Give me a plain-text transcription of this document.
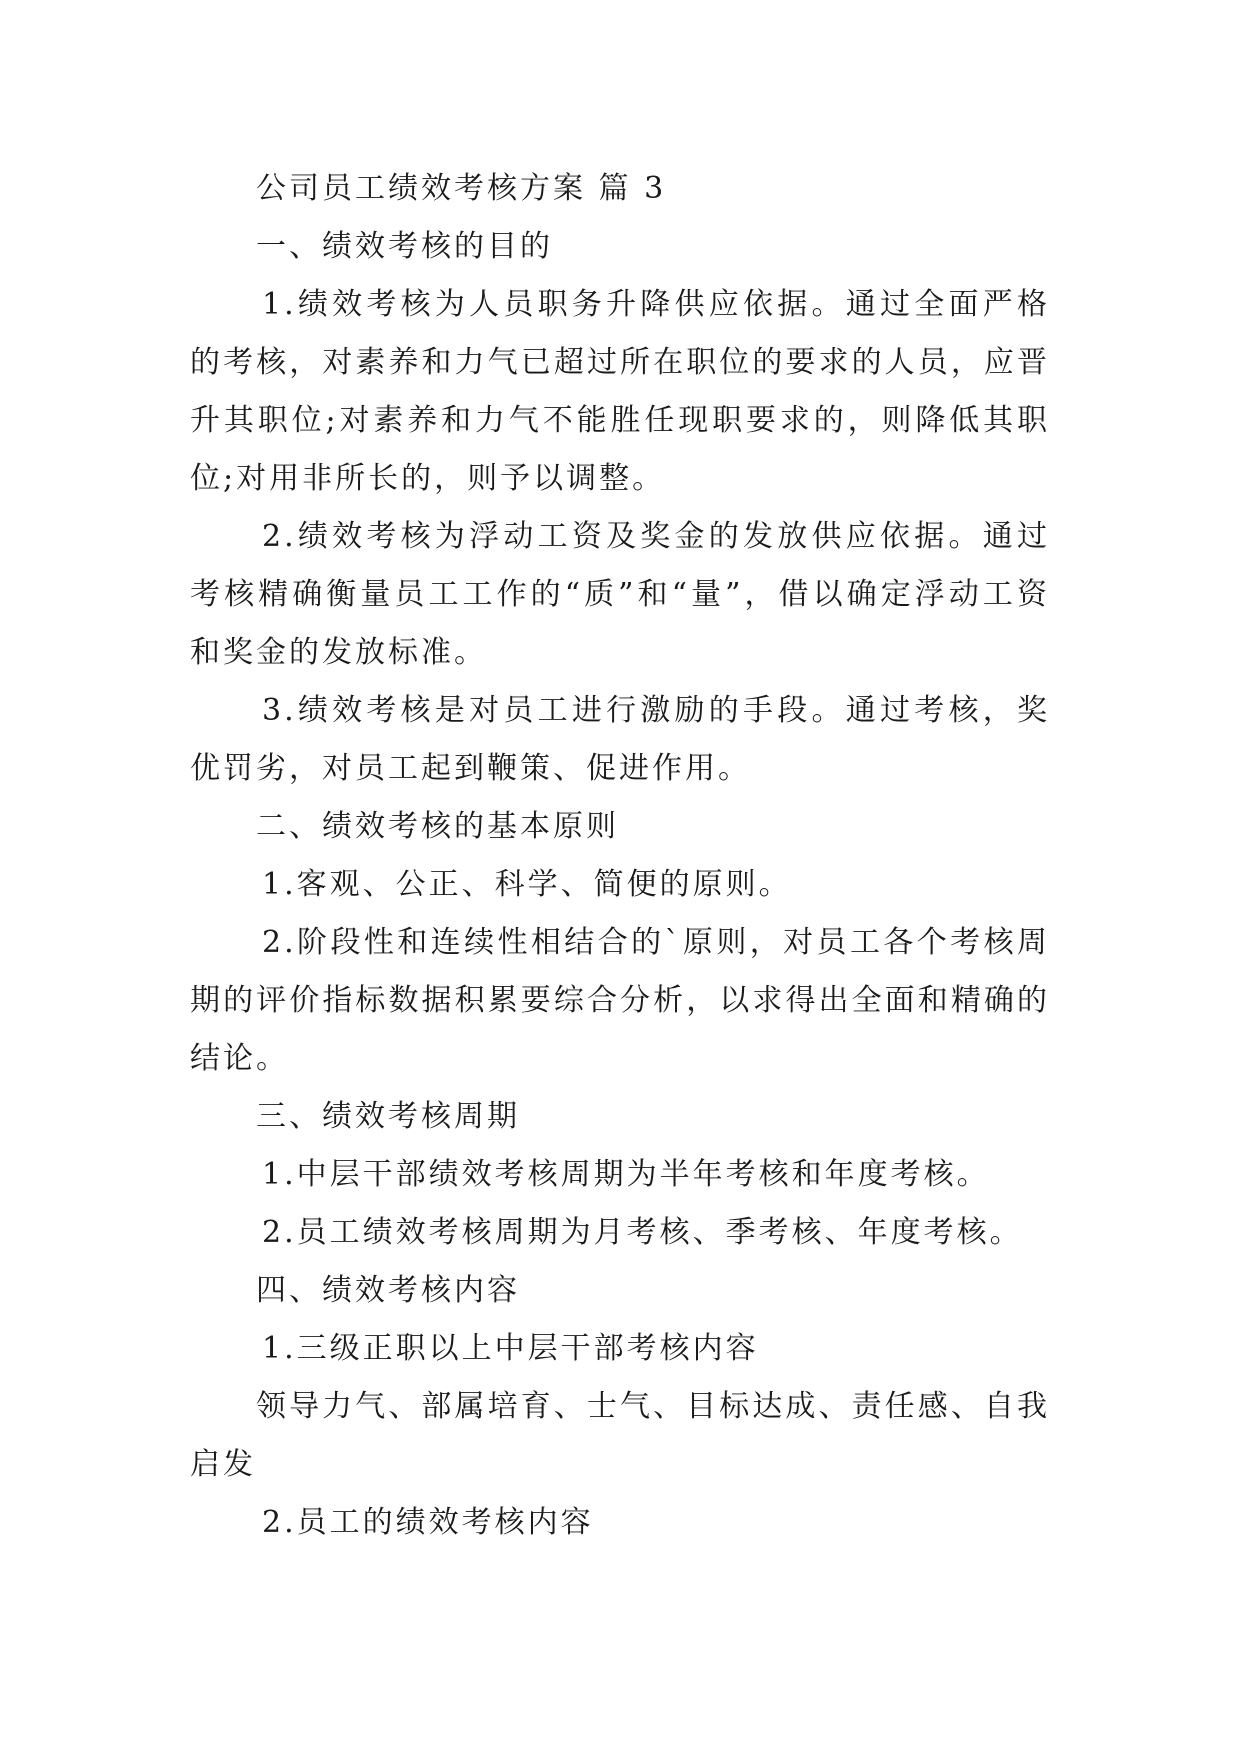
公司员工绩效考核方案 篇 3

一、绩效考核的目的

1.绩效考核为人员职务升降供应依据。通过全面严格的考核，对素养和力气已超过所在职位的要求的人员，应晋升其职位;对素养和力气不能胜任现职要求的，则降低其职位;对用非所长的，则予以调整。

2.绩效考核为浮动工资及奖金的发放供应依据。通过考核精确衡量员工工作的“质”和“量”，借以确定浮动工资和奖金的发放标准。

3.绩效考核是对员工进行激励的手段。通过考核，奖优罚劣，对员工起到鞭策、促进作用。

二、绩效考核的基本原则

1.客观、公正、科学、简便的原则。

2.阶段性和连续性相结合的`原则，对员工各个考核周期的评价指标数据积累要综合分析，以求得出全面和精确的结论。

三、绩效考核周期

1.中层干部绩效考核周期为半年考核和年度考核。

2.员工绩效考核周期为月考核、季考核、年度考核。

四、绩效考核内容

1.三级正职以上中层干部考核内容

领导力气、部属培育、士气、目标达成、责任感、自我启发

2.员工的绩效考核内容
